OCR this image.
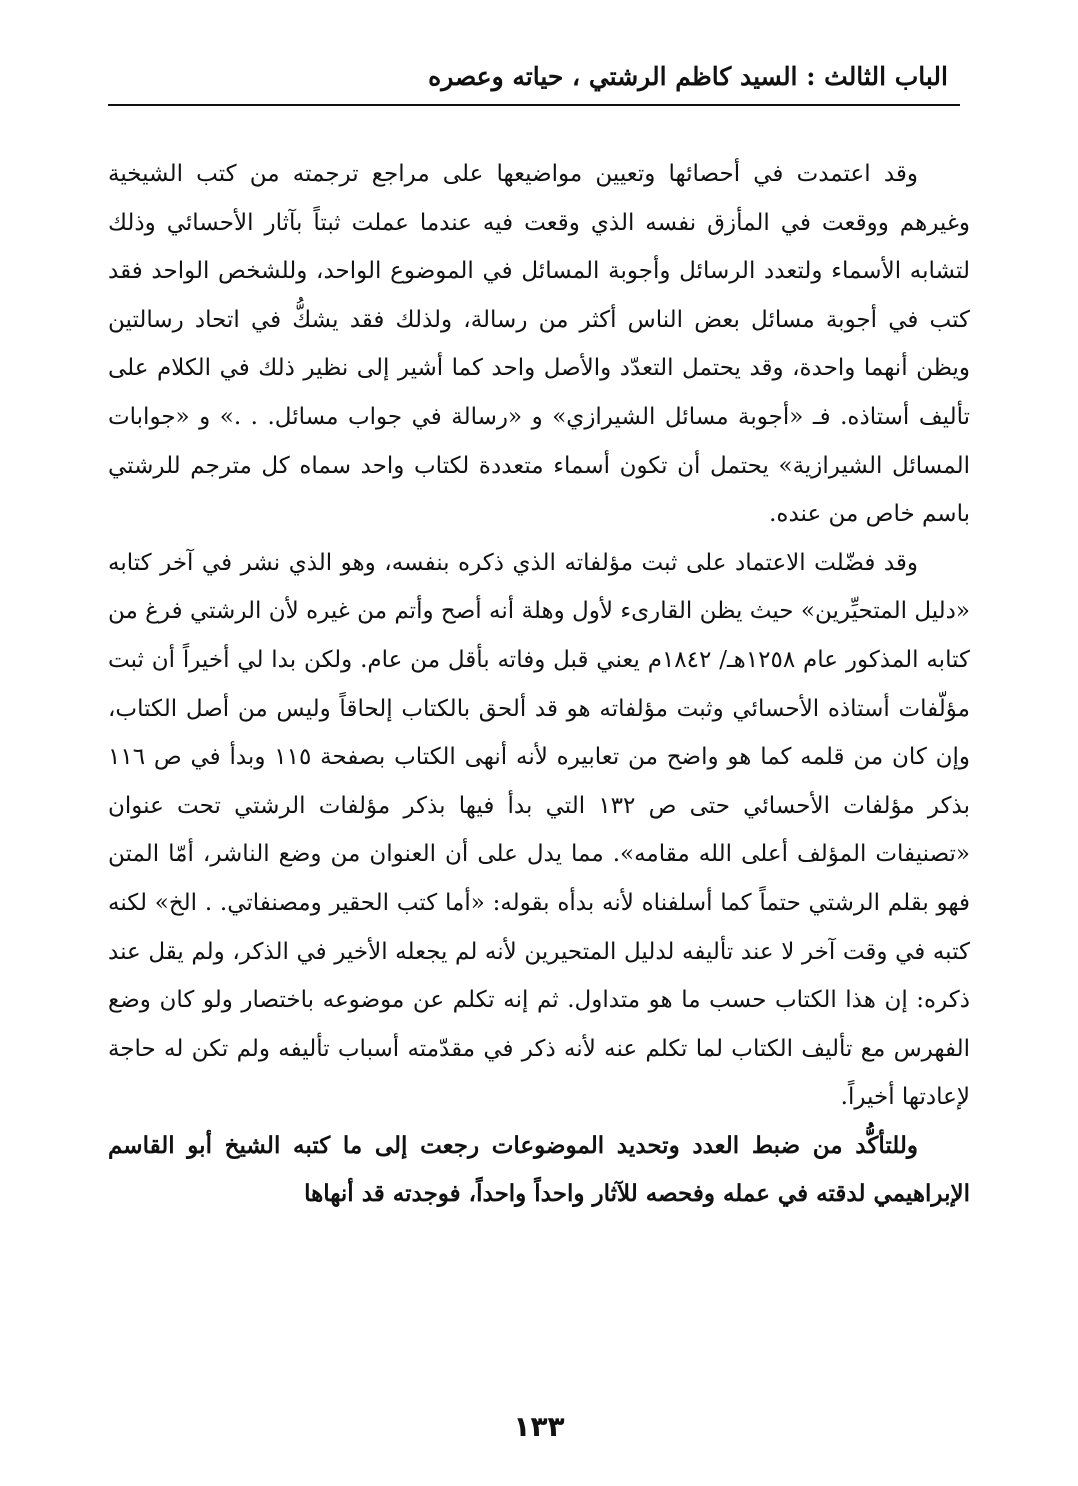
الباب الثالث : السيد كاظم الرشتي ، حياته وعصره

وقد اعتمدت في أحصائها وتعيين مواضيعها على مراجع ترجمته من كتب الشيخية وغيرهم ووقعت في المأزق نفسه الذي وقعت فيه عندما عملت ثبتاً بآثار الأحسائي وذلك لتشابه الأسماء ولتعدد الرسائل وأجوبة المسائل في الموضوع الواحد، وللشخص الواحد فقد كتب في أجوبة مسائل بعض الناس أكثر من رسالة، ولذلك فقد يشكُّ في اتحاد رسالتين ويظن أنهما واحدة، وقد يحتمل التعدّد والأصل واحد كما أشير إلى نظير ذلك في الكلام على تأليف أستاذه. فـ «أجوبة مسائل الشيرازي» و «رسالة في جواب مسائل. . .» و «جوابات المسائل الشيرازية» يحتمل أن تكون أسماء متعددة لكتاب واحد سماه كل مترجم للرشتي باسم خاص من عنده.

وقد فضّلت الاعتماد على ثبت مؤلفاته الذي ذكره بنفسه، وهو الذي نشر في آخر كتابه «دليل المتحيِّرين» حيث يظن القارىء لأول وهلة أنه أصح وأتم من غيره لأن الرشتي فرغ من كتابه المذكور عام ١٢٥٨هـ/ ١٨٤٢م يعني قبل وفاته بأقل من عام. ولكن بدا لي أخيراً أن ثبت مؤلّفات أستاذه الأحسائي وثبت مؤلفاته هو قد ألحق بالكتاب إلحاقاً وليس من أصل الكتاب، وإن كان من قلمه كما هو واضح من تعابيره لأنه أنهى الكتاب بصفحة ١١٥ وبدأ في ص ١١٦ بذكر مؤلفات الأحسائي حتى ص ١٣٢ التي بدأ فيها بذكر مؤلفات الرشتي تحت عنوان «تصنيفات المؤلف أعلى الله مقامه». مما يدل على أن العنوان من وضع الناشر، أمّا المتن فهو بقلم الرشتي حتماً كما أسلفناه لأنه بدأه بقوله: «أما كتب الحقير ومصنفاتي. . الخ» لكنه كتبه في وقت آخر لا عند تأليفه لدليل المتحيرين لأنه لم يجعله الأخير في الذكر، ولم يقل عند ذكره: إن هذا الكتاب حسب ما هو متداول. ثم إنه تكلم عن موضوعه باختصار ولو كان وضع الفهرس مع تأليف الكتاب لما تكلم عنه لأنه ذكر في مقدّمته أسباب تأليفه ولم تكن له حاجة لإعادتها أخيراً.

وللتأكُّد من ضبط العدد وتحديد الموضوعات رجعت إلى ما كتبه الشيخ أبو القاسم الإبراهيمي لدقته في عمله وفحصه للآثار واحداً واحداً، فوجدته قد أنهاها

١٣٣
